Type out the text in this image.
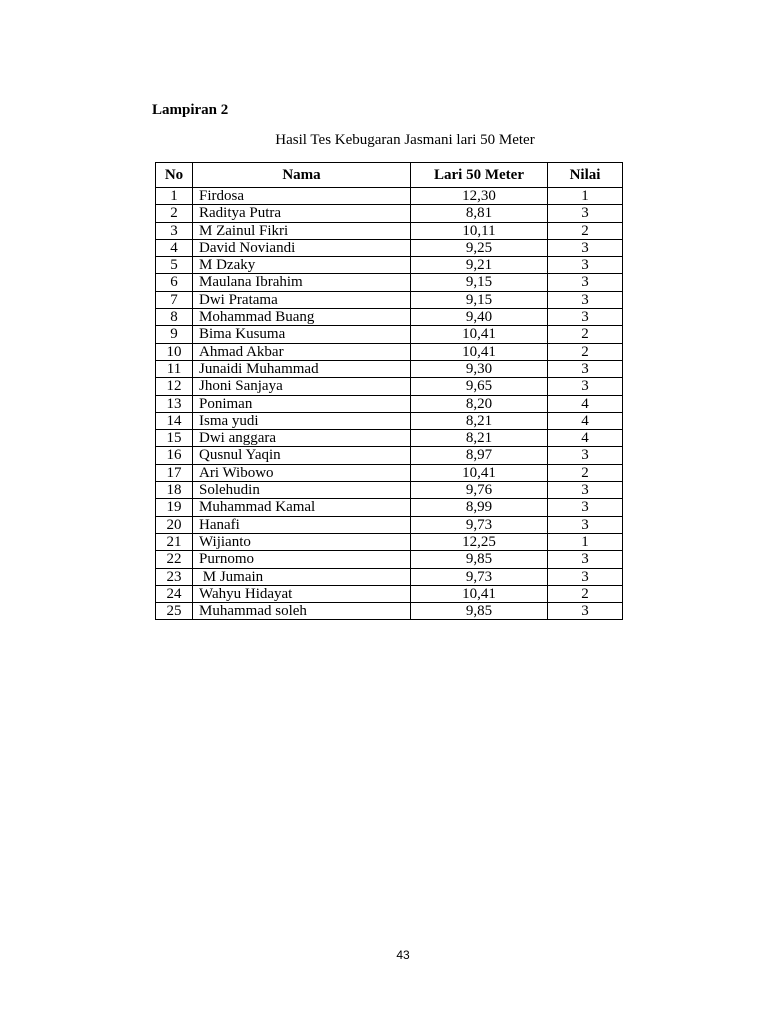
Lampiran 2

Hasil Tes Kebugaran Jasmani lari 50 Meter

No	Nama	Lari 50 Meter	Nilai
1	Firdosa	12,30	1
2	Raditya Putra	8,81	3
3	M Zainul Fikri	10,11	2
4	David Noviandi	9,25	3
5	M Dzaky	9,21	3
6	Maulana Ibrahim	9,15	3
7	Dwi Pratama	9,15	3
8	Mohammad Buang	9,40	3
9	Bima Kusuma	10,41	2
10	Ahmad Akbar	10,41	2
11	Junaidi Muhammad	9,30	3
12	Jhoni Sanjaya	9,65	3
13	Poniman	8,20	4
14	Isma yudi	8,21	4
15	Dwi anggara	8,21	4
16	Qusnul Yaqin	8,97	3
17	Ari Wibowo	10,41	2
18	Solehudin	9,76	3
19	Muhammad Kamal	8,99	3
20	Hanafi	9,73	3
21	Wijianto	12,25	1
22	Purnomo	9,85	3
23	M Jumain	9,73	3
24	Wahyu Hidayat	10,41	2
25	Muhammad soleh	9,85	3

43
